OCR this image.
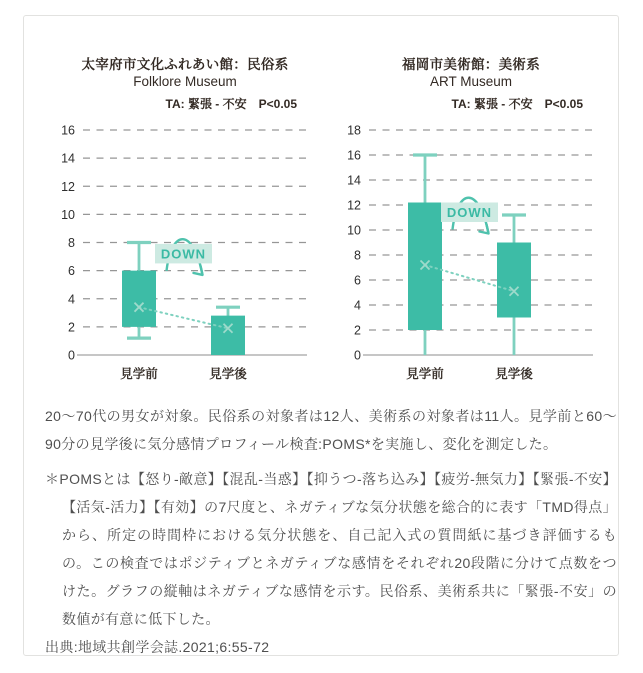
太宰府市文化ふれあい館：民俗系
Folklore Museum
TA: 緊張 - 不安　P<0.05
0
2
4
6
8
10
12
14
16
DOWN
見学前	見学後
福岡市美術館：美術系
ART Museum
TA: 緊張 - 不安　P<0.05
0
2
4
6
8
10
12
14
16
18
DOWN
見学前	見学後

20〜70代の男女が対象。民俗系の対象者は12人、美術系の対象者は11人。見学前と60〜90分の見学後に気分感情プロフィール検査:POMS*を実施し、変化を測定した。

＊POMSとは【怒り-敵意】【混乱-当惑】【抑うつ-落ち込み】【疲労-無気力】【緊張-不安】【活気-活力】【有効】の7尺度と、ネガティブな気分状態を総合的に表す「TMD得点」から、所定の時間枠における気分状態を、自己記入式の質問紙に基づき評価するもの。この検査ではポジティブとネガティブな感情をそれぞれ20段階に分けて点数をつけた。グラフの縦軸はネガティブな感情を示す。民俗系、美術系共に「緊張-不安」の数値が有意に低下した。

出典:地域共創学会誌.2021;6:55-72
